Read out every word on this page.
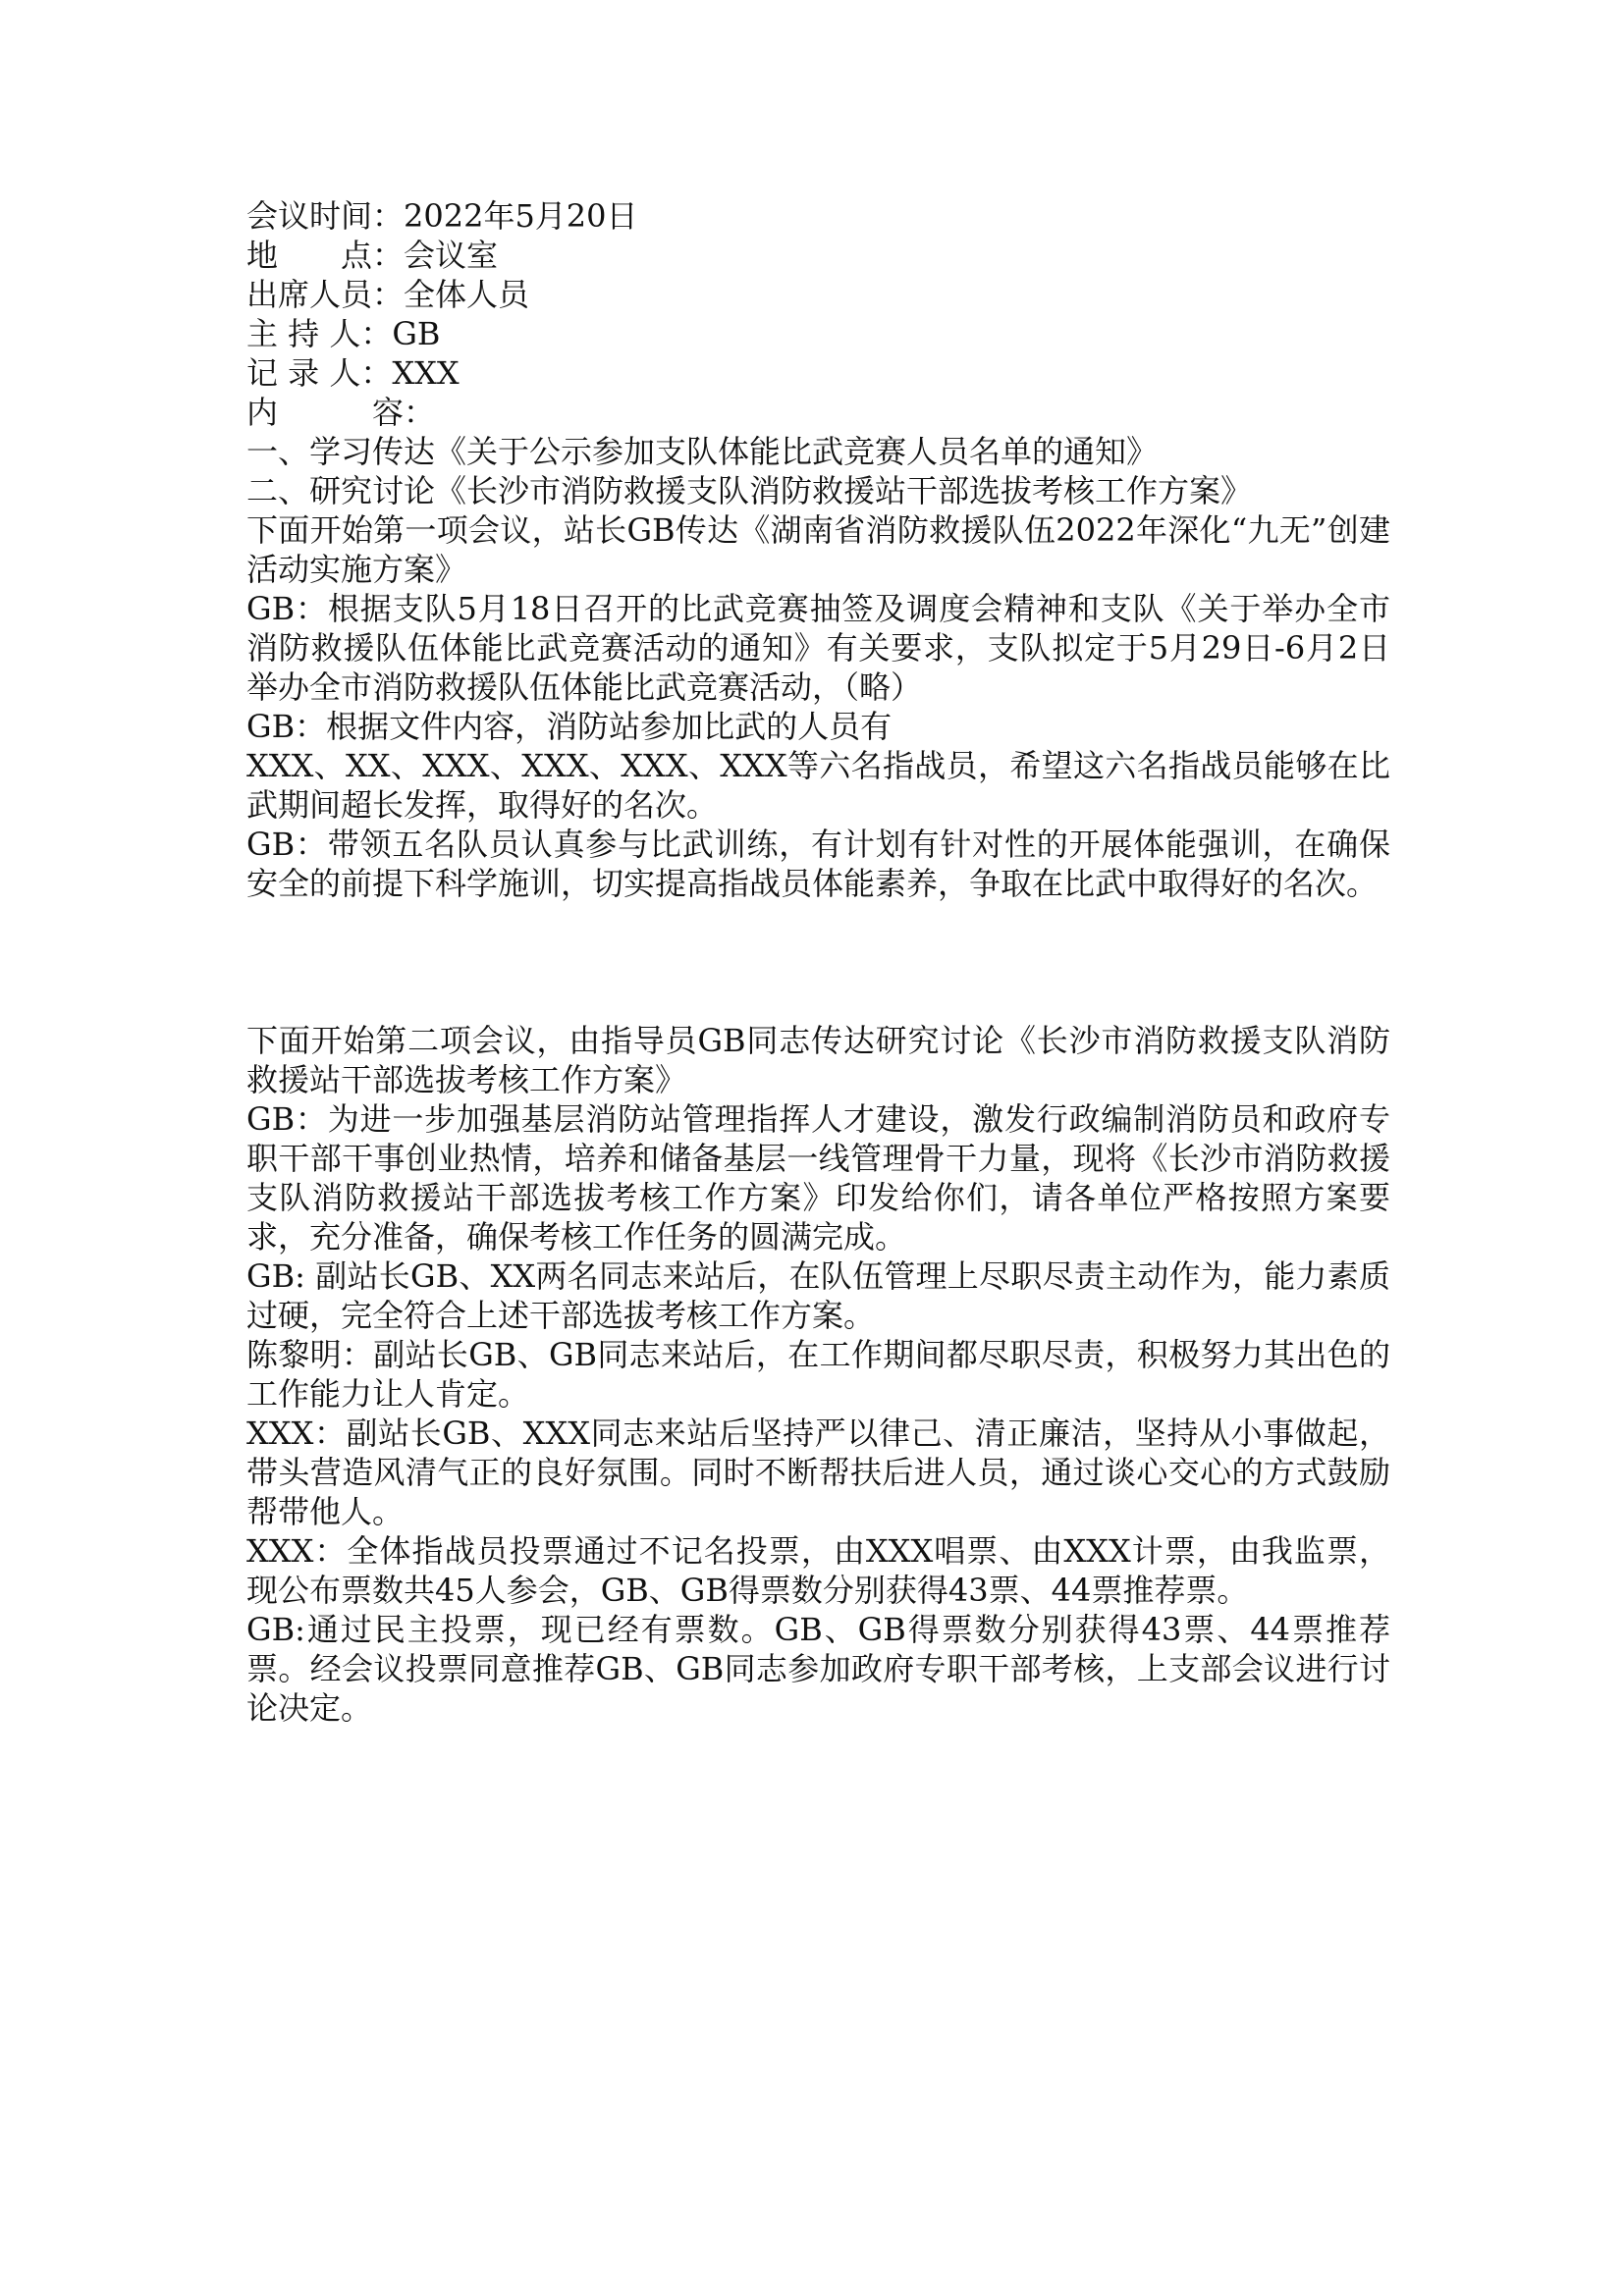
会议时间：2022年5月20日

地　　点：会议室

出席人员：全体人员

主 持 人：GB

记 录 人：XXX

内　　　容：

一、学习传达《关于公示参加支队体能比武竞赛人员名单的通知》

二、研究讨论《长沙市消防救援支队消防救援站干部选拔考核工作方案》

下面开始第一项会议，站长GB传达《湖南省消防救援队伍2022年深化“九无”创建活动实施方案》

GB：根据支队5月18日召开的比武竞赛抽签及调度会精神和支队《关于举办全市消防救援队伍体能比武竞赛活动的通知》有关要求，支队拟定于5月29日-6月2日举办全市消防救援队伍体能比武竞赛活动，（略）

GB：根据文件内容，消防站参加比武的人员有

XXX、XX、XXX、XXX、XXX、XXX等六名指战员，希望这六名指战员能够在比武期间超长发挥，取得好的名次。

GB：带领五名队员认真参与比武训练，有计划有针对性的开展体能强训，在确保安全的前提下科学施训，切实提高指战员体能素养，争取在比武中取得好的名次。

下面开始第二项会议，由指导员GB同志传达研究讨论《长沙市消防救援支队消防救援站干部选拔考核工作方案》

GB：为进一步加强基层消防站管理指挥人才建设，激发行政编制消防员和政府专职干部干事创业热情，培养和储备基层一线管理骨干力量，现将《长沙市消防救援支队消防救援站干部选拔考核工作方案》印发给你们，请各单位严格按照方案要求，充分准备，确保考核工作任务的圆满完成。

GB: 副站长GB、XX两名同志来站后，在队伍管理上尽职尽责主动作为，能力素质过硬，完全符合上述干部选拔考核工作方案。

陈黎明：副站长GB、GB同志来站后，在工作期间都尽职尽责，积极努力其出色的工作能力让人肯定。

XXX：副站长GB、XXX同志来站后坚持严以律己、清正廉洁，坚持从小事做起，带头营造风清气正的良好氛围。同时不断帮扶后进人员，通过谈心交心的方式鼓励帮带他人。

XXX：全体指战员投票通过不记名投票，由XXX唱票、由XXX计票，由我监票，现公布票数共45人参会，GB、GB得票数分别获得43票、44票推荐票。

GB:通过民主投票，现已经有票数。GB、GB得票数分别获得43票、44票推荐票。经会议投票同意推荐GB、GB同志参加政府专职干部考核，上支部会议进行讨论决定。
